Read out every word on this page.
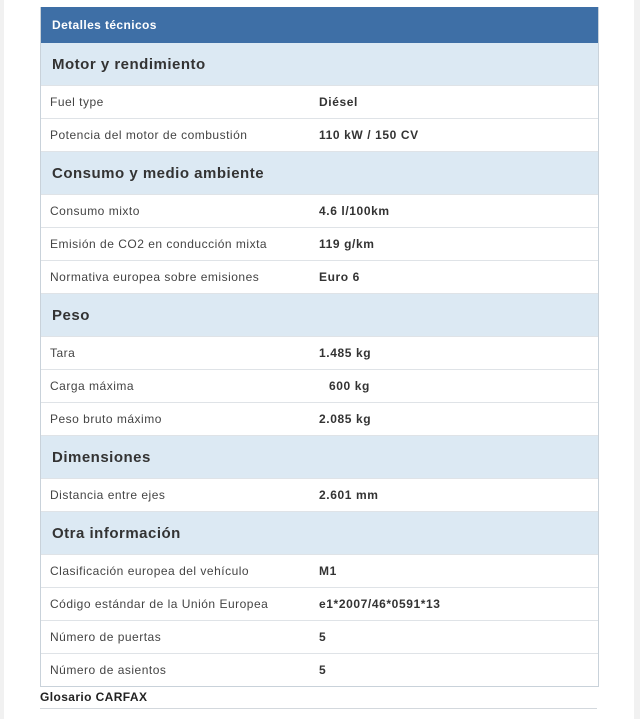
Detalles técnicos
Motor y rendimiento
Fuel type	Diésel
Potencia del motor de combustión	110 kW / 150 CV
Consumo y medio ambiente
Consumo mixto	4.6 l/100km
Emisión de CO2 en conducción mixta	119 g/km
Normativa europea sobre emisiones	Euro 6
Peso
Tara	1.485 kg
Carga máxima	600 kg
Peso bruto máximo	2.085 kg
Dimensiones
Distancia entre ejes	2.601 mm
Otra información
Clasificación europea del vehículo	M1
Código estándar de la Unión Europea	e1*2007/46*0591*13
Número de puertas	5
Número de asientos	5
Glosario CARFAX
